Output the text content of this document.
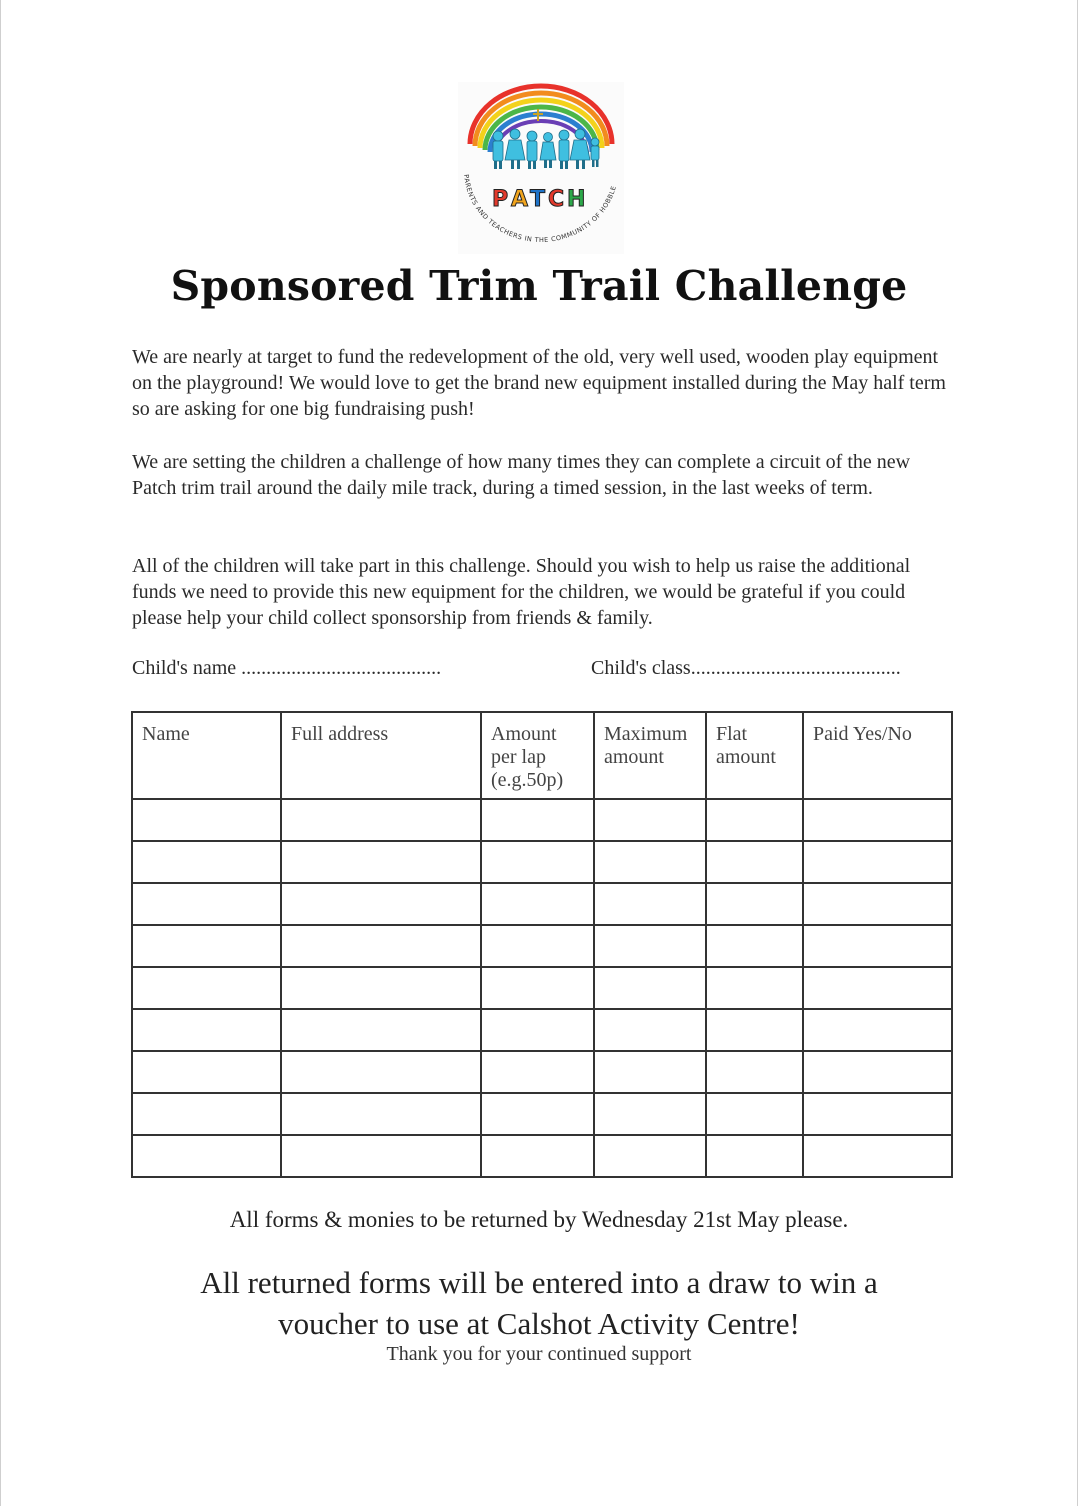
P A T C H
PARENTS AND TEACHERS IN THE COMMUNITY OF HOBBLE
Sponsored Trim Trail Challenge

We are nearly at target to fund the redevelopment of the old, very well used, wooden play equipment on the playground! We would love to get the brand new equipment installed during the May half term so are asking for one big fundraising push!

We are setting the children a challenge of how many times they can complete a circuit of the new Patch trim trail around the daily mile track, during a timed session, in the last weeks of term.

All of the children will take part in this challenge. Should you wish to help us raise the additional funds we need to provide this new equipment for the children, we would be grateful if you could please help your child collect sponsorship from friends & family.

Child's name ........................................	Child's class..........................................
Name	Full address	Amount per lap (e.g.50p)	Maximum amount	Flat amount	Paid Yes/No

All forms & monies to be returned by Wednesday 21st May please.
All returned forms will be entered into a draw to win a voucher to use at Calshot Activity Centre!
Thank you for your continued support
